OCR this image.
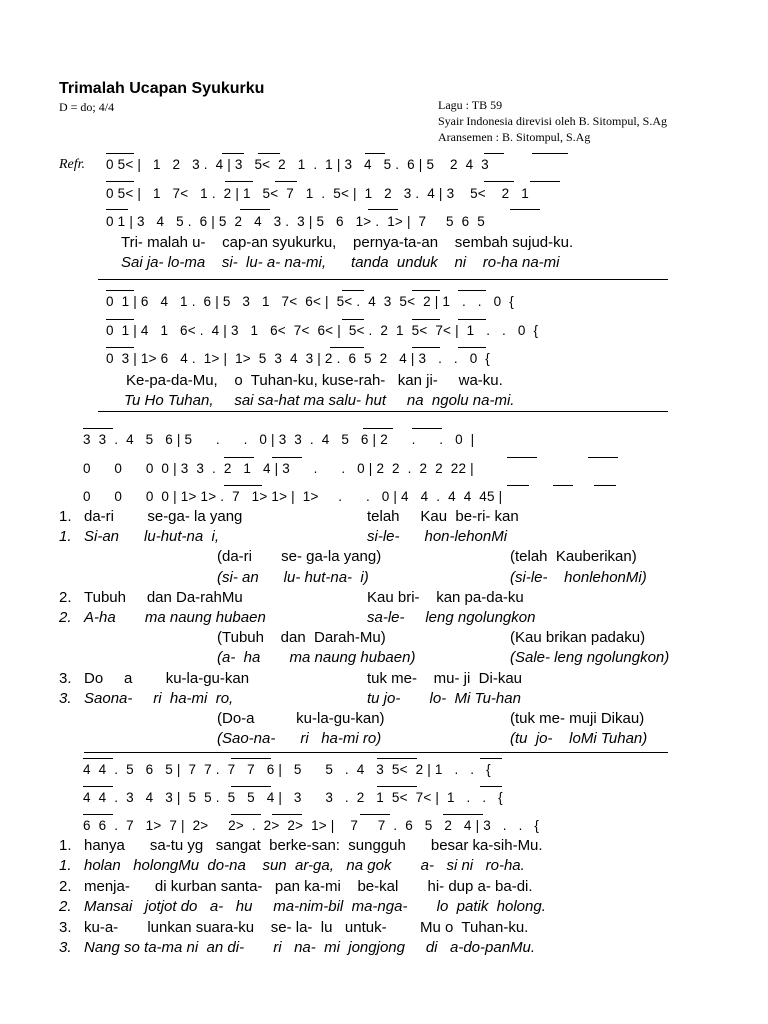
Trimalah Ucapan Syukurku
D = do; 4/4	Lagu : TB 59
Syair Indonesia direvisi oleh B. Sitompul, S.Ag
Aransemen : B. Sitompul, S.Ag
Refr. 0 5< |   1   2   3 .  4 | 3   5<  2   1  .  1 | 3   4   5 .  6 | 5    2  4  3
0 5< |   1   7<   1 .  2 | 1   5<  7   1  .  5< |  1   2   3 .  4 | 3    5<    2   1
0 1 | 3   4   5 .  6 | 5  2   4   3 .  3 | 5   6   1> .  1> |  7     5  6  5
Tri- malah u-    cap-an syukurku,    pernya-ta-an    sembah sujud-ku.
Sai ja- lo-ma    si-  lu- a- na-mi,      tanda  unduk    ni    ro-ha na-mi
0  1 | 6   4   1 .  6 | 5   3   1   7<  6< |  5< .  4  3  5<  2 | 1   .   .   0  {
0  1 | 4   1   6< .  4 | 3   1   6<  7<  6< |  5< .  2  1  5<  7< |  1   .   .   0  {
0  3 | 1> 6   4 .  1> |  1>  5  3  4  3 | 2 .  6  5  2   4 | 3   .   .   0  {
Ke-pa-da-Mu,    o  Tuhan-ku, kuse-rah-   kan ji-     wa-ku.
Tu Ho Tuhan,     sai sa-hat ma salu- hut     na  ngolu na-mi.
3  3  .  4   5   6 | 5      .      .   0 | 3  3  .  4   5   6 | 2      .      .   0  |
0      0      0  0 | 3  3  .  2   1   4 | 3      .      .   0 | 2  2  .  2  2  22 |
0      0      0  0 | 1> 1> .  7   1> 1> |  1>     .      .   0 | 4   4  .  4  4  45 |
1. da-ri        se-ga- la yang	telah     Kau  be-ri- kan
1. Si-an      lu-hut-na  i,	si-le-      hon-lehonMi
(da-ri       se- ga-la yang)	(telah  Kauberikan)
(si- an      lu- hut-na-  i)	(si-le-    honlehonMi)
2. Tubuh     dan Da-rahMu	Kau bri-    kan pa-da-ku
2. A-ha       ma naung hubaen	sa-le-     leng ngolungkon
(Tubuh    dan  Darah-Mu)	(Kau brikan padaku)
(a-  ha       ma naung hubaen)	(Sale- leng ngolungkon)
3. Do     a        ku-la-gu-kan	tuk me-    mu- ji  Di-kau
3. Saona-     ri  ha-mi  ro,	tu jo-       lo-  Mi Tu-han
(Do-a          ku-la-gu-kan)	(tuk me- muji Dikau)
(Sao-na-      ri   ha-mi ro)	(tu  jo-    loMi Tuhan)
4  4  .  5   6   5 |  7  7 .  7   7   6 |   5      5   .  4   3  5<  2 | 1   .   .   {
4  4  .  3   4   3 |  5  5 .  5   5   4 |   3      3   .  2   1  5<  7< |  1   .   .   {
6  6  .  7   1>  7 |  2>     2>  .  2>  2>  1> |    7     7  .  6   5   2   4 | 3   .   .   {
1. hanya      sa-tu yg   sangat  berke-san:  sungguh      besar ka-sih-Mu.
1. holan   holongMu  do-na    sun  ar-ga,   na gok       a-   si ni   ro-ha.
2. menja-      di kurban santa-   pan ka-mi    be-kal       hi- dup a- ba-di.
2. Mansai   jotjot do   a-   hu     ma-nim-bil  ma-nga-       lo  patik  holong.
3. ku-a-       lunkan suara-ku    se- la-  lu   untuk-        Mu o  Tuhan-ku.
3. Nang so ta-ma ni  an di-       ri   na-  mi  jongjong     di   a-do-panMu.
